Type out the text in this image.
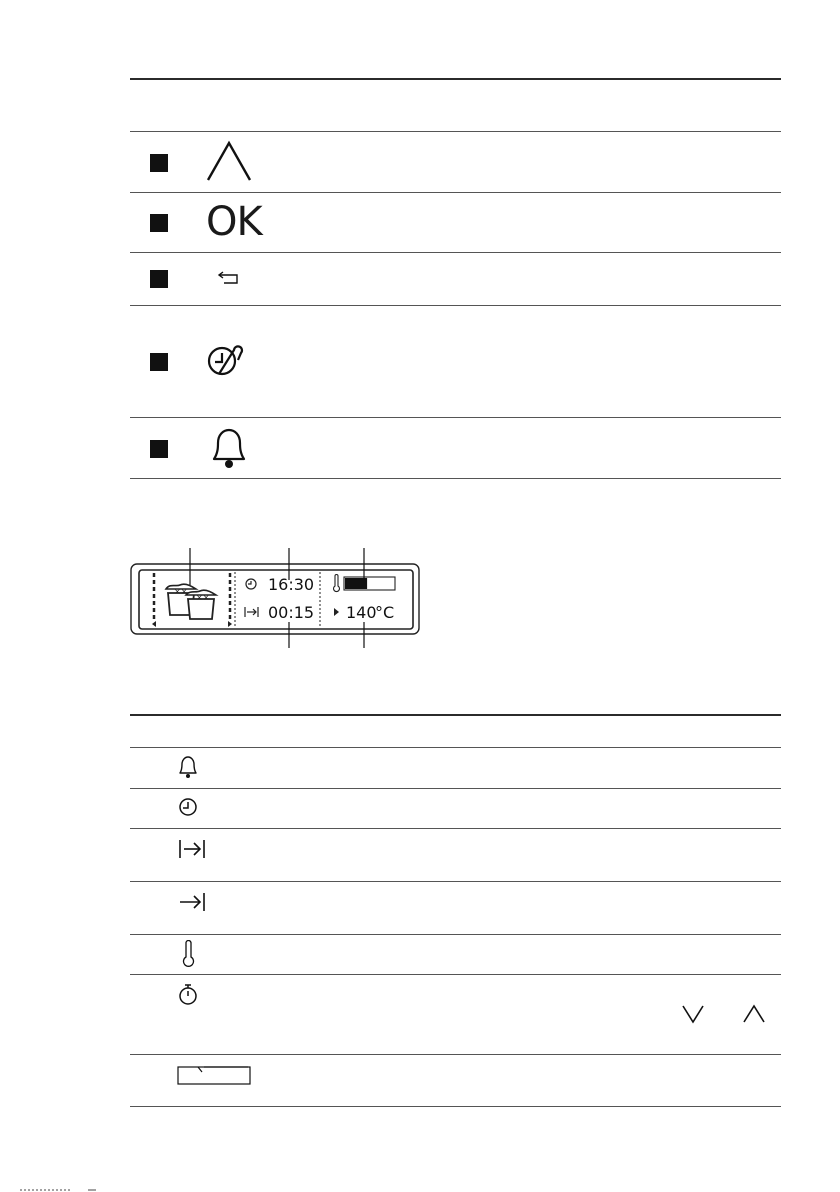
OK
××
××
16:30
00:15 140
°C
